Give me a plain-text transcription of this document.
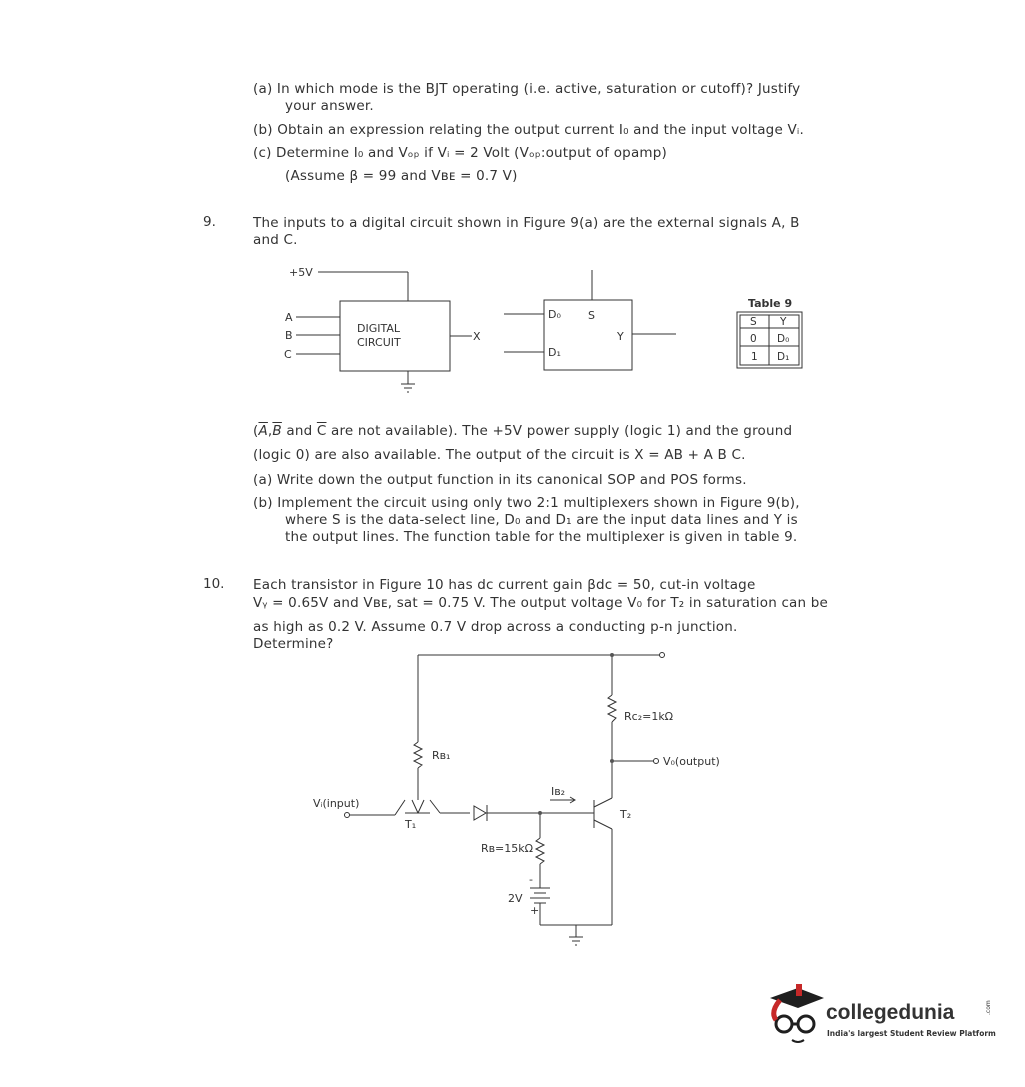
(a) In which mode is the BJT operating (i.e. active, saturation or cutoff)? Justify
your answer.
(b) Obtain an expression relating the output current I₀ and the input voltage Vᵢ.
(c) Determine I₀ and Vₒₚ if Vᵢ = 2 Volt (Vₒₚ:output of opamp)
(Assume β = 99 and Vʙᴇ = 0.7 V)
9.	The inputs to a digital circuit shown in Figure 9(a) are the external signals A, B
and C.
+5V
A
B
C
DIGITAL
CIRCUIT	X
D₀
D₁
S
Y
Table 9
S Y
0 D₀
1 D₁
($\overline{A},\overline{B}$ and $\overline{C}$ are not available). The +5V power supply (logic 1) and the ground
(logic 0) are also available. The output of the circuit is X = AB + A B C.
(a) Write down the output function in its canonical SOP and POS forms.
(b) Implement the circuit using only two 2:1 multiplexers shown in Figure 9(b),
where S is the data-select line, D₀ and D₁ are the input data lines and Y is
the output lines. The function table for the multiplexer is given in table 9.
10. Each transistor in Figure 10 has dc current gain βdc = 50, cut-in voltage
Vᵧ = 0.65V and Vʙᴇ, sat = 0.75 V. The output voltage V₀ for T₂ in saturation can be
as high as 0.2 V. Assume 0.7 V drop across a conducting p-n junction.
Determine?
Rᴄ₂=1kΩ
V₀(output)
Rʙ₁
Iʙ₂
Vᵢ(input)
T₁
T₂
Rʙ=15kΩ
2V
-
+
collegedunia	.com
India's largest Student Review Platform
